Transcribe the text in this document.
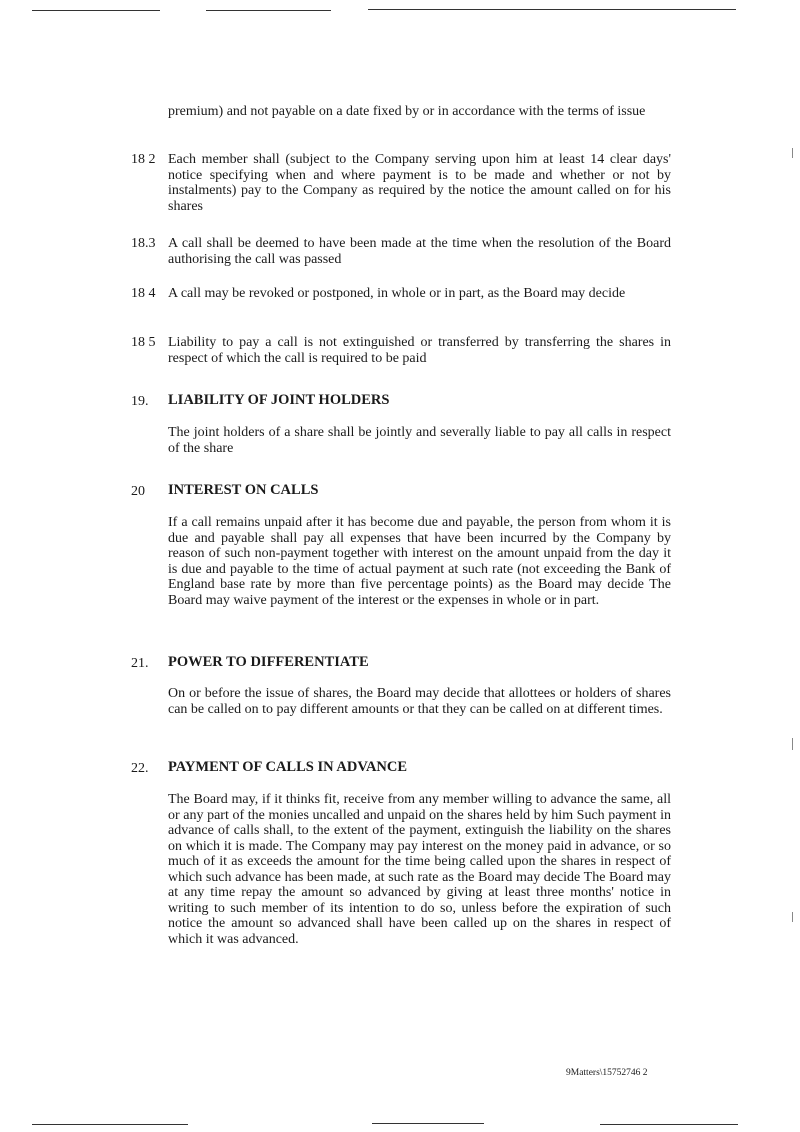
premium) and not payable on a date fixed by or in accordance with the terms of issue

18 2 Each member shall (subject to the Company serving upon him at least 14 clear days' notice specifying when and where payment is to be made and whether or not by instalments) pay to the Company as required by the notice the amount called on for his shares

18.3 A call shall be deemed to have been made at the time when the resolution of the Board authorising the call was passed

18 4 A call may be revoked or postponed, in whole or in part, as the Board may decide

18 5 Liability to pay a call is not extinguished or transferred by transferring the shares in respect of which the call is required to be paid

19. LIABILITY OF JOINT HOLDERS

The joint holders of a share shall be jointly and severally liable to pay all calls in respect of the share

20 INTEREST ON CALLS

If a call remains unpaid after it has become due and payable, the person from whom it is due and payable shall pay all expenses that have been incurred by the Company by reason of such non-payment together with interest on the amount unpaid from the day it is due and payable to the time of actual payment at such rate (not exceeding the Bank of England base rate by more than five percentage points) as the Board may decide The Board may waive payment of the interest or the expenses in whole or in part.

21. POWER TO DIFFERENTIATE

On or before the issue of shares, the Board may decide that allottees or holders of shares can be called on to pay different amounts or that they can be called on at different times.

22. PAYMENT OF CALLS IN ADVANCE

The Board may, if it thinks fit, receive from any member willing to advance the same, all or any part of the monies uncalled and unpaid on the shares held by him Such payment in advance of calls shall, to the extent of the payment, extinguish the liability on the shares on which it is made. The Company may pay interest on the money paid in advance, or so much of it as exceeds the amount for the time being called upon the shares in respect of which such advance has been made, at such rate as the Board may decide The Board may at any time repay the amount so advanced by giving at least three months' notice in writing to such member of its intention to do so, unless before the expiration of such notice the amount so advanced shall have been called up on the shares in respect of which it was advanced.

9Matters\15752746 2
